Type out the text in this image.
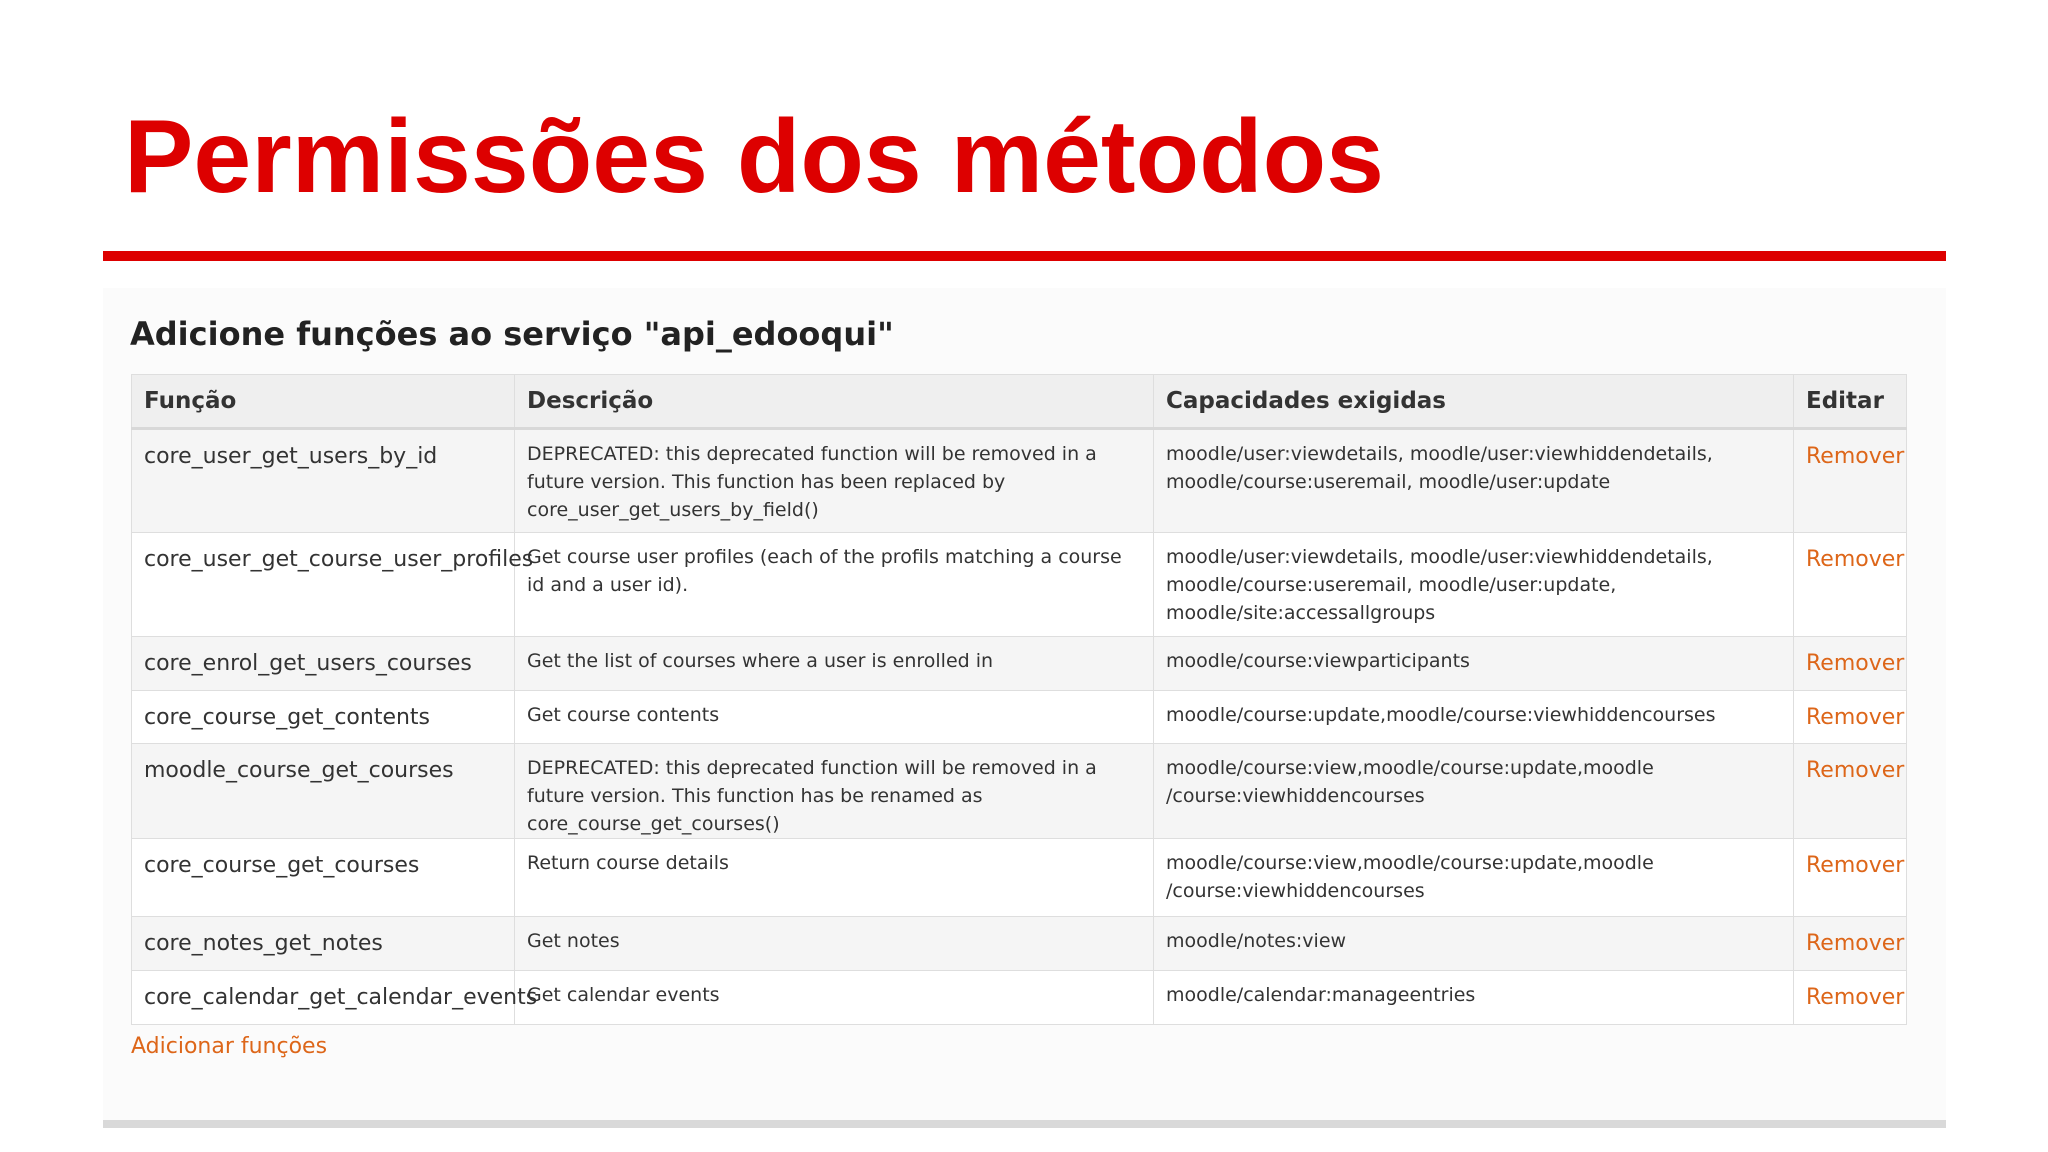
Permissões dos métodos
Adicione funções ao serviço "api_edooqui"
Função	Descrição	Capacidades exigidas	Editar
core_user_get_users_by_id	DEPRECATED: this deprecated function will be removed in a future version. This function has been replaced by core_user_get_users_by_field()	moodle/user:viewdetails, moodle/user:viewhiddendetails, moodle/course:useremail, moodle/user:update	Remover
core_user_get_course_user_profiles	Get course user profiles (each of the profils matching a course id and a user id).	moodle/user:viewdetails, moodle/user:viewhiddendetails, moodle/course:useremail, moodle/user:update, moodle/site:accessallgroups	Remover
core_enrol_get_users_courses	Get the list of courses where a user is enrolled in	moodle/course:viewparticipants	Remover
core_course_get_contents	Get course contents	moodle/course:update,moodle/course:viewhiddencourses	Remover
moodle_course_get_courses	DEPRECATED: this deprecated function will be removed in a future version. This function has be renamed as core_course_get_courses()	moodle/course:view,moodle/course:update,moodle /course:viewhiddencourses	Remover
core_course_get_courses	Return course details	moodle/course:view,moodle/course:update,moodle /course:viewhiddencourses	Remover
core_notes_get_notes	Get notes	moodle/notes:view	Remover
core_calendar_get_calendar_events	Get calendar events	moodle/calendar:manageentries	Remover
Adicionar funções
